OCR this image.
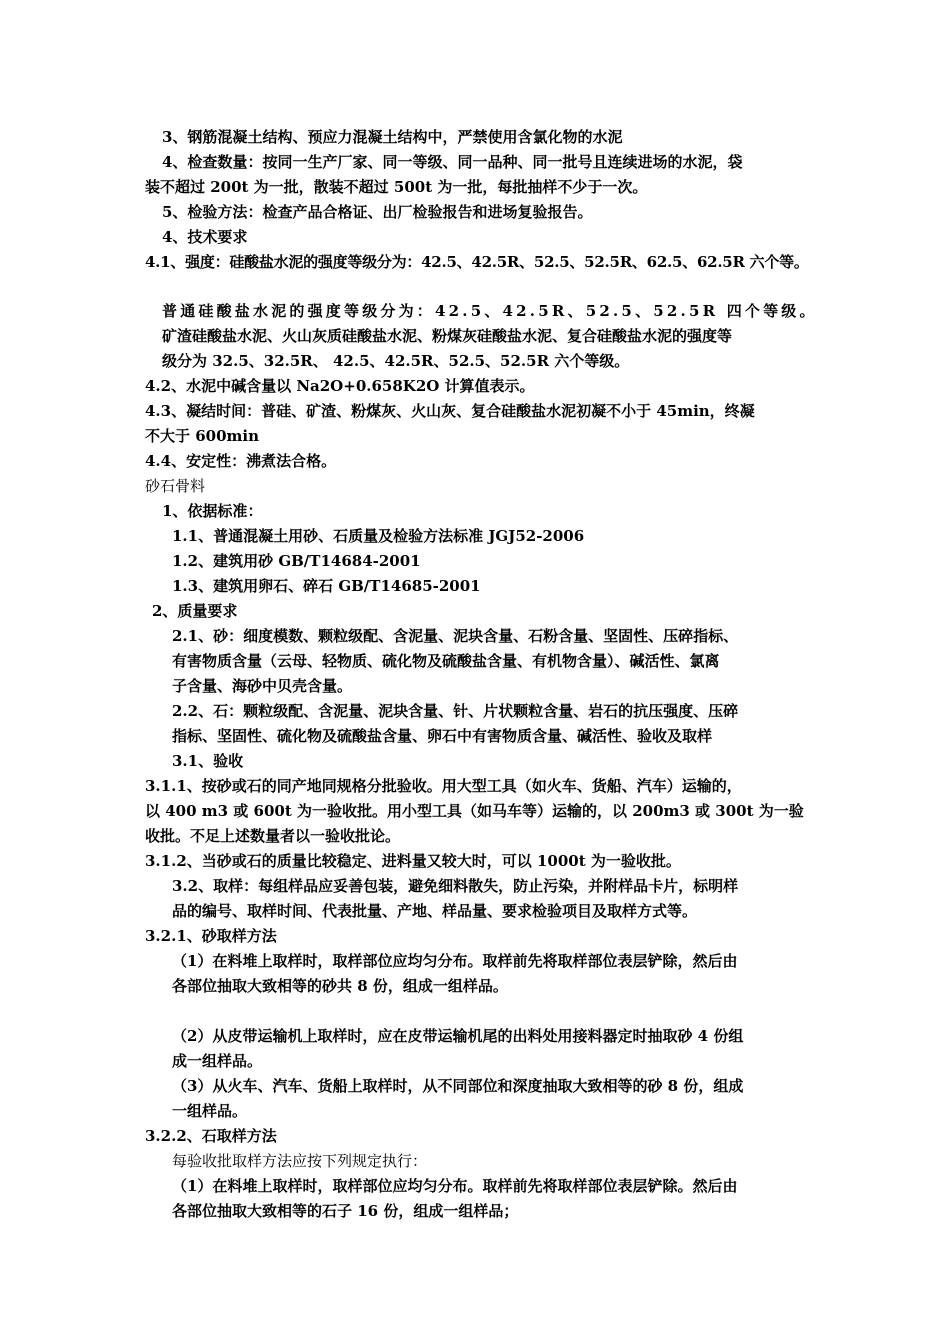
3、钢筋混凝土结构、预应力混凝土结构中，严禁使用含氯化物的水泥
4、检查数量：按同一生产厂家、同一等级、同一品种、同一批号且连续进场的水泥，袋
装不超过 200t 为一批，散装不超过 500t 为一批，每批抽样不少于一次。
5、检验方法：检查产品合格证、出厂检验报告和进场复验报告。
4、技术要求
4.1、强度：硅酸盐水泥的强度等级分为：42.5、42.5R、52.5、52.5R、62.5、62.5R 六个等。
普通硅酸盐水泥的强度等级分为：42.5、42.5R、52.5、52.5R 四个等级。
矿渣硅酸盐水泥、火山灰质硅酸盐水泥、粉煤灰硅酸盐水泥、复合硅酸盐水泥的强度等
级分为 32.5、32.5R、 42.5、42.5R、52.5、52.5R 六个等级。
4.2、水泥中碱含量以 Na2O+0.658K2O 计算值表示。
4.3、凝结时间：普硅、矿渣、粉煤灰、火山灰、复合硅酸盐水泥初凝不小于 45min，终凝
不大于 600min
4.4、安定性：沸煮法合格。
砂石骨料
1、依据标准：
1.1、普通混凝土用砂、石质量及检验方法标准 JGJ52-2006
1.2、建筑用砂 GB/T14684-2001
1.3、建筑用卵石、碎石 GB/T14685-2001
2、质量要求
2.1、砂：细度模数、颗粒级配、含泥量、泥块含量、石粉含量、坚固性、压碎指标、
有害物质含量（云母、轻物质、硫化物及硫酸盐含量、有机物含量）、碱活性、氯离
子含量、海砂中贝壳含量。
2.2、石：颗粒级配、含泥量、泥块含量、针、片状颗粒含量、岩石的抗压强度、压碎
指标、坚固性、硫化物及硫酸盐含量、卵石中有害物质含量、碱活性、验收及取样
3.1、验收
3.1.1、按砂或石的同产地同规格分批验收。用大型工具（如火车、货船、汽车）运输的，
以 400 m3 或 600t 为一验收批。用小型工具（如马车等）运输的，以 200m3 或 300t 为一验
收批。不足上述数量者以一验收批论。
3.1.2、当砂或石的质量比较稳定、进料量又较大时，可以 1000t 为一验收批。
3.2、取样：每组样品应妥善包装，避免细料散失，防止污染，并附样品卡片，标明样
品的编号、取样时间、代表批量、产地、样品量、要求检验项目及取样方式等。
3.2.1、砂取样方法
（1）在料堆上取样时，取样部位应均匀分布。取样前先将取样部位表层铲除，然后由
各部位抽取大致相等的砂共 8 份，组成一组样品。
（2）从皮带运输机上取样时，应在皮带运输机尾的出料处用接料器定时抽取砂 4 份组
成一组样品。
（3）从火车、汽车、货船上取样时，从不同部位和深度抽取大致相等的砂 8 份，组成
一组样品。
3.2.2、石取样方法
每验收批取样方法应按下列规定执行：
（1）在料堆上取样时，取样部位应均匀分布。取样前先将取样部位表层铲除。然后由
各部位抽取大致相等的石子 16 份，组成一组样品；
